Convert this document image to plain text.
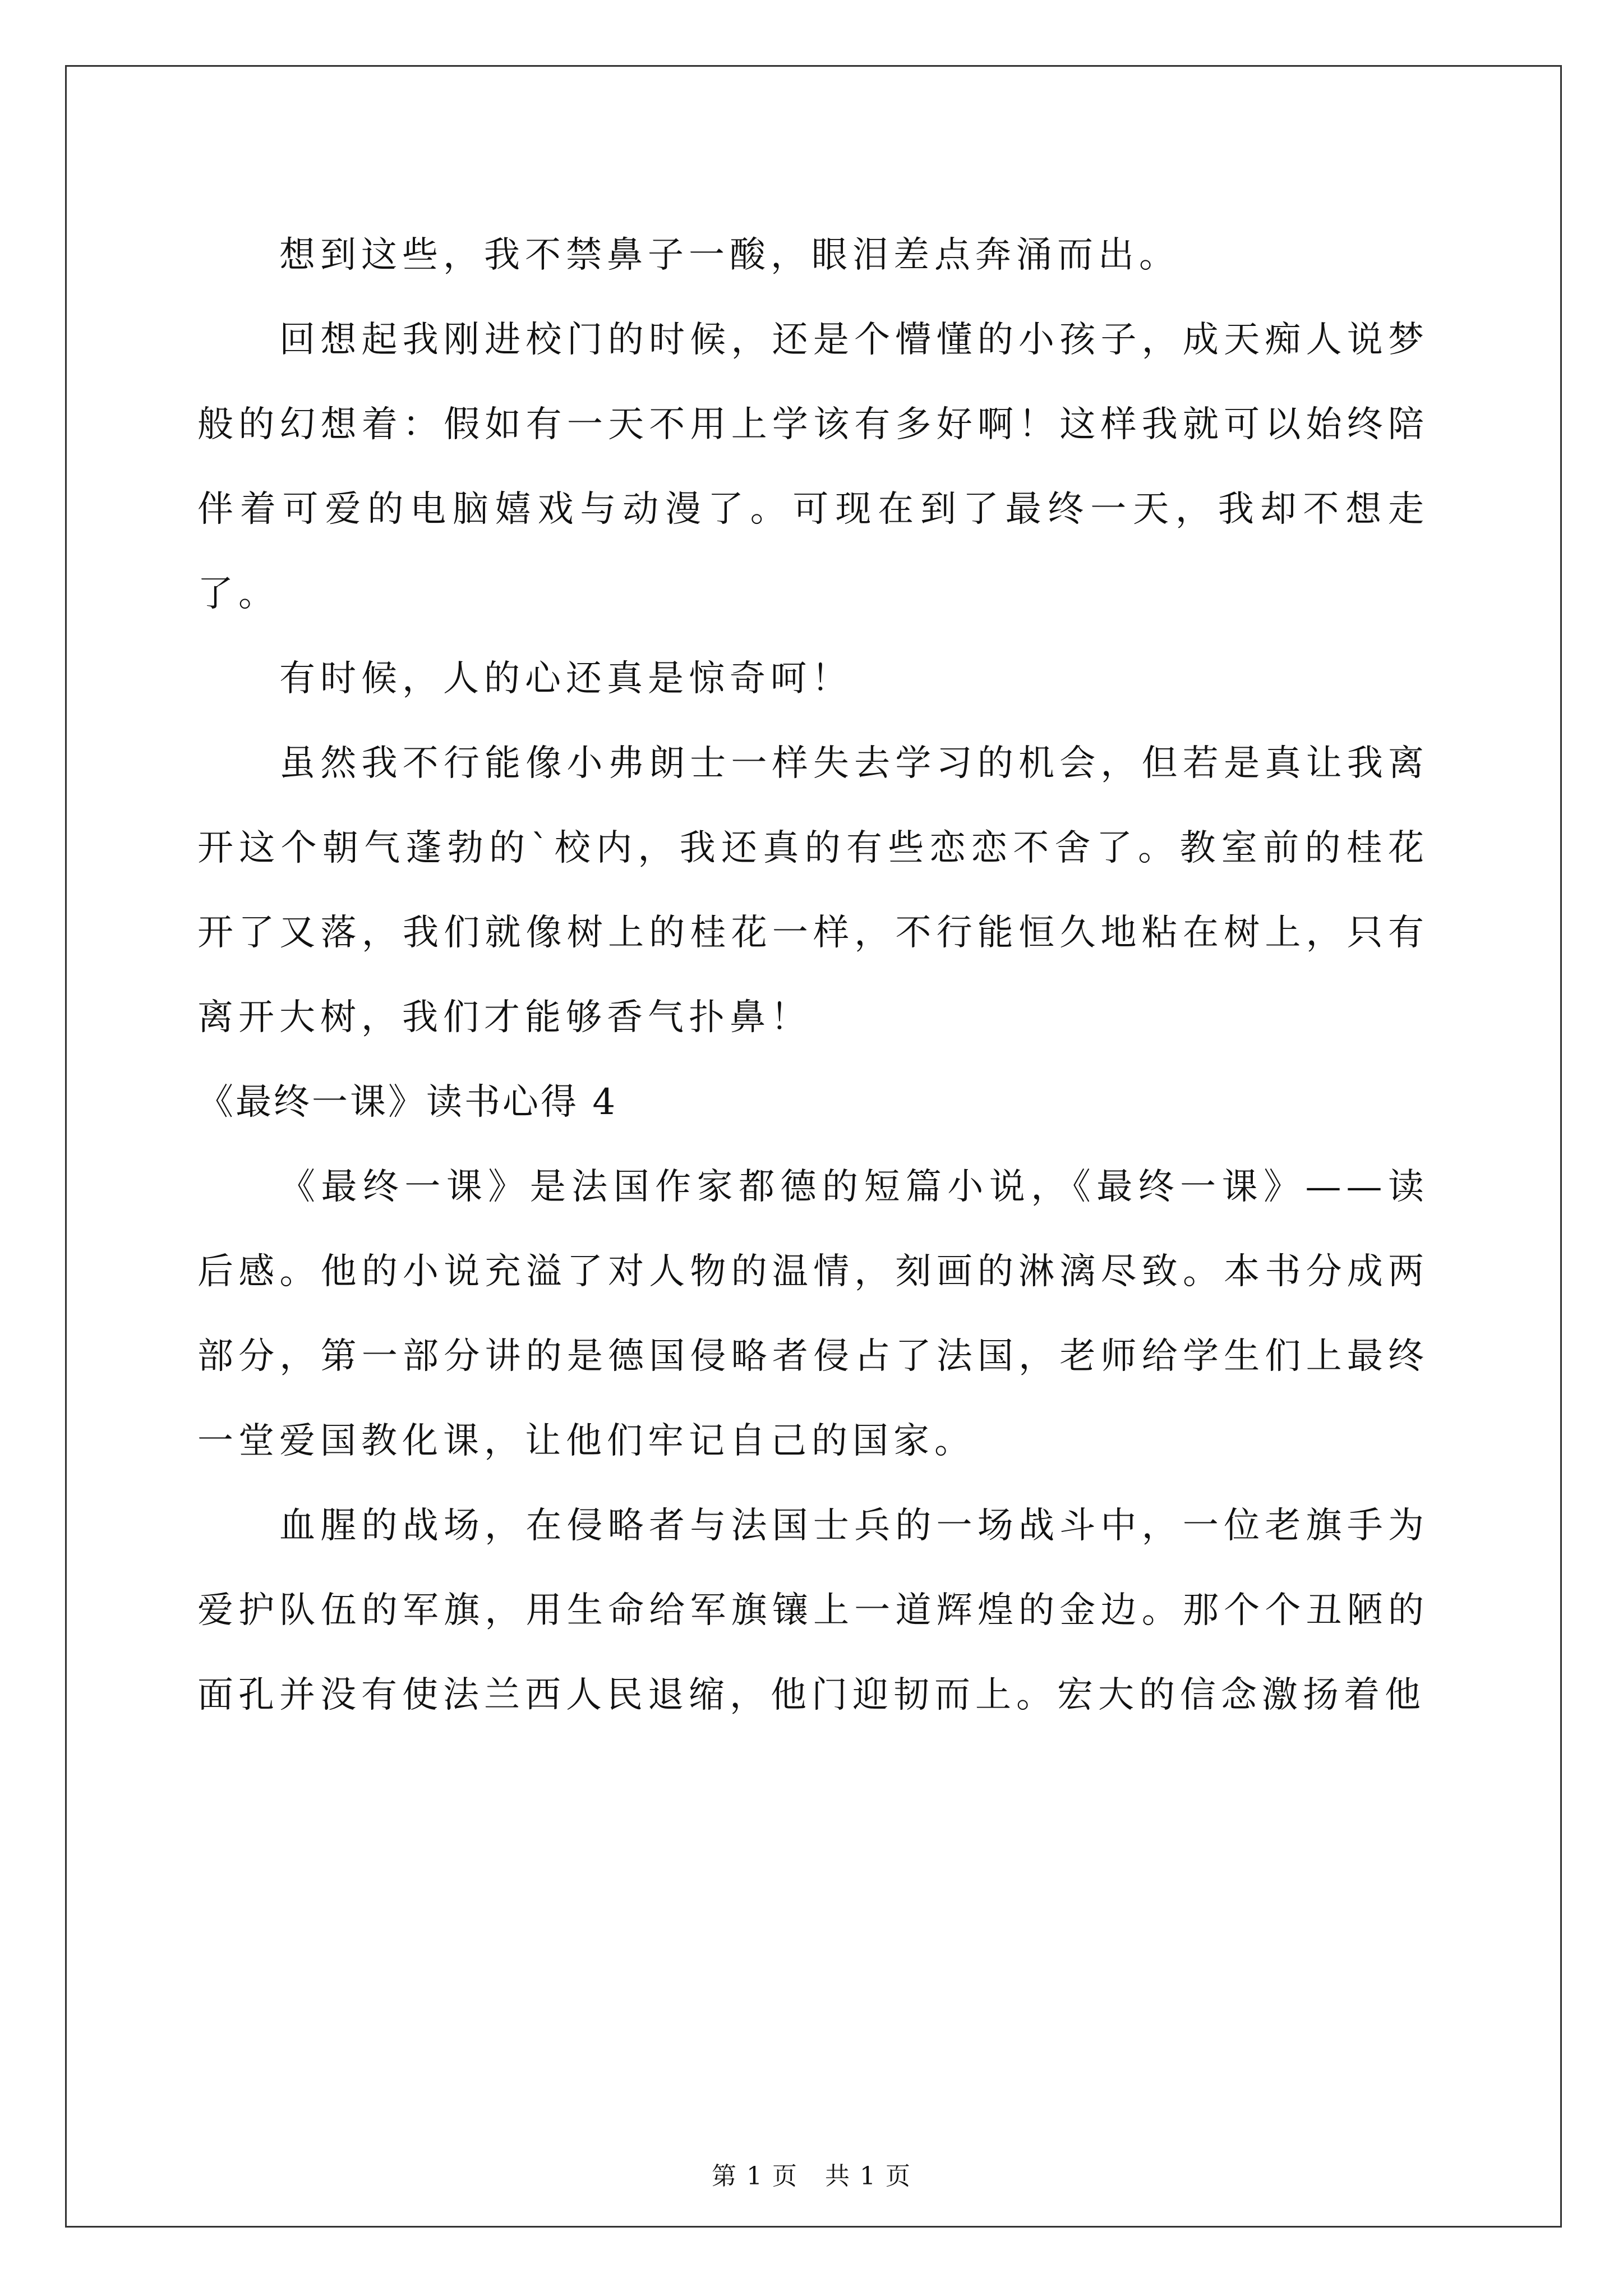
想到这些，我不禁鼻子一酸，眼泪差点奔涌而出。

回想起我刚进校门的时候，还是个懵懂的小孩子，成天痴人说梦般的幻想着：假如有一天不用上学该有多好啊！这样我就可以始终陪伴着可爱的电脑嬉戏与动漫了。可现在到了最终一天，我却不想走了。

有时候，人的心还真是惊奇呵！

虽然我不行能像小弗朗士一样失去学习的机会，但若是真让我离开这个朝气蓬勃的`校内，我还真的有些恋恋不舍了。教室前的桂花开了又落，我们就像树上的桂花一样，不行能恒久地粘在树上，只有离开大树，我们才能够香气扑鼻！

《最终一课》读书心得 4

《最终一课》是法国作家都德的短篇小说，《最终一课》——读后感。他的小说充溢了对人物的温情，刻画的淋漓尽致。本书分成两部分，第一部分讲的是德国侵略者侵占了法国，老师给学生们上最终一堂爱国教化课，让他们牢记自己的国家。

血腥的战场，在侵略者与法国士兵的一场战斗中，一位老旗手为爱护队伍的军旗，用生命给军旗镶上一道辉煌的金边。那个个丑陋的面孔并没有使法兰西人民退缩，他门迎韧而上。宏大的信念激扬着他

第 1 页 共 1 页
